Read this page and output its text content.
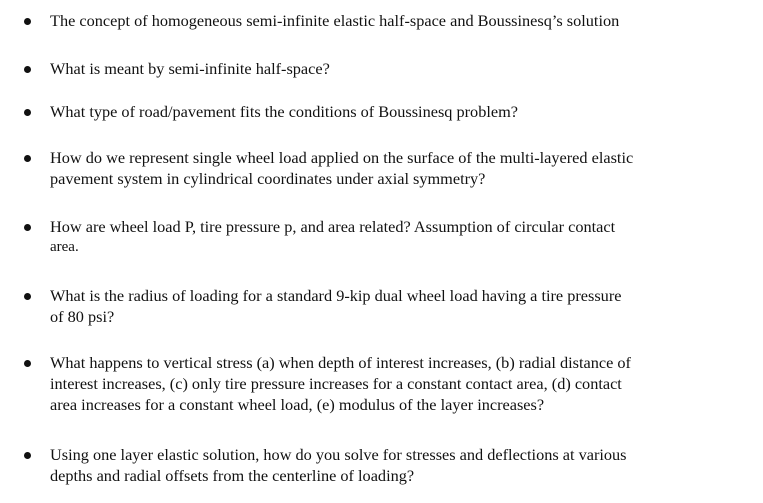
The concept of homogeneous semi-infinite elastic half-space and Boussinesq’s solution
What is meant by semi-infinite half-space?
What type of road/pavement fits the conditions of Boussinesq problem?
How do we represent single wheel load applied on the surface of the multi-layered elastic
pavement system in cylindrical coordinates under axial symmetry?
How are wheel load P, tire pressure p, and area related? Assumption of circular contact
area.
What is the radius of loading for a standard 9-kip dual wheel load having a tire pressure
of 80 psi?
What happens to vertical stress (a) when depth of interest increases, (b) radial distance of
interest increases, (c) only tire pressure increases for a constant contact area, (d) contact
area increases for a constant wheel load, (e) modulus of the layer increases?
Using one layer elastic solution, how do you solve for stresses and deflections at various
depths and radial offsets from the centerline of loading?
